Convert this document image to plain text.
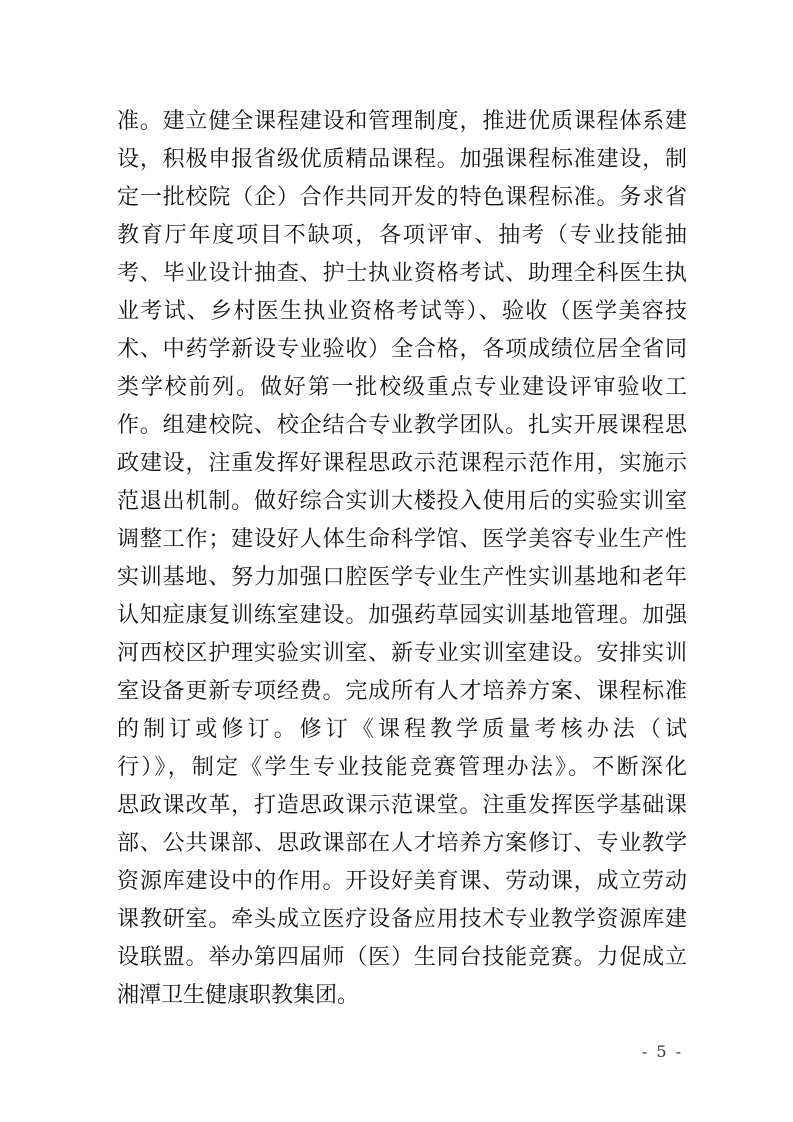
准。建立健全课程建设和管理制度，推进优质课程体系建
设，积极申报省级优质精品课程。加强课程标准建设，制
定一批校院（企）合作共同开发的特色课程标准。务求省
教育厅年度项目不缺项，各项评审、抽考（专业技能抽
考、毕业设计抽查、护士执业资格考试、助理全科医生执
业考试、乡村医生执业资格考试等）、验收（医学美容技
术、中药学新设专业验收）全合格，各项成绩位居全省同
类学校前列。做好第一批校级重点专业建设评审验收工
作。组建校院、校企结合专业教学团队。扎实开展课程思
政建设，注重发挥好课程思政示范课程示范作用，实施示
范退出机制。做好综合实训大楼投入使用后的实验实训室
调整工作；建设好人体生命科学馆、医学美容专业生产性
实训基地、努力加强口腔医学专业生产性实训基地和老年
认知症康复训练室建设。加强药草园实训基地管理。加强
河西校区护理实验实训室、新专业实训室建设。安排实训
室设备更新专项经费。完成所有人才培养方案、课程标准
的制订或修订。修订《课程教学质量考核办法（试
行）》，制定《学生专业技能竞赛管理办法》。不断深化
思政课改革，打造思政课示范课堂。注重发挥医学基础课
部、公共课部、思政课部在人才培养方案修订、专业教学
资源库建设中的作用。开设好美育课、劳动课，成立劳动
课教研室。牵头成立医疗设备应用技术专业教学资源库建
设联盟。举办第四届师（医）生同台技能竞赛。力促成立
湘潭卫生健康职教集团。
- 5 -
